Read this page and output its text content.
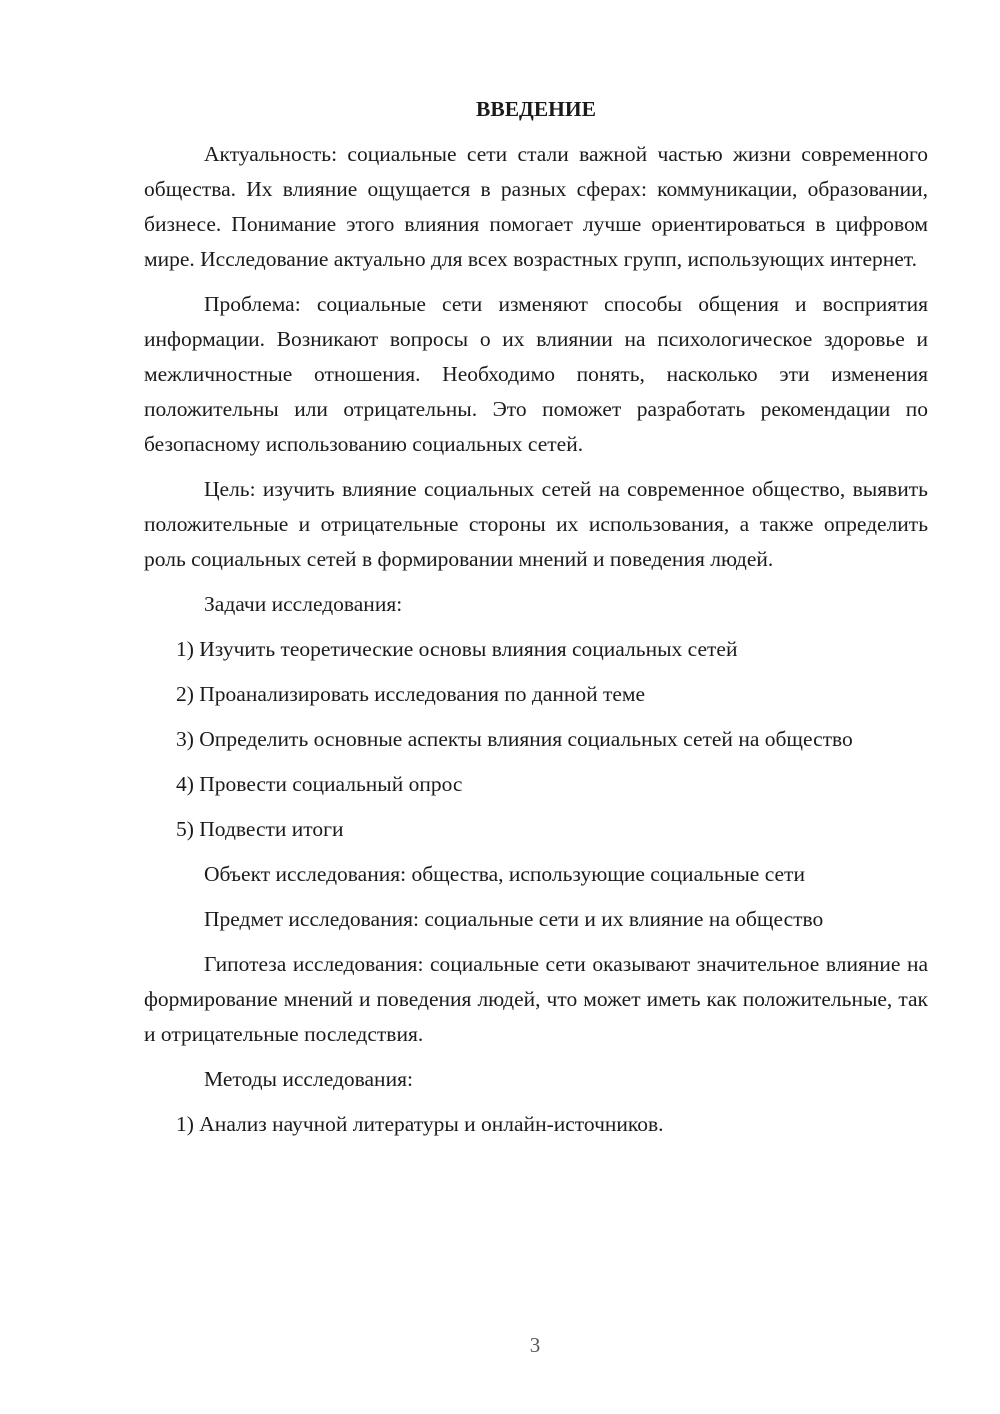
ВВЕДЕНИЕ

Актуальность: социальные сети стали важной частью жизни современного общества. Их влияние ощущается в разных сферах: коммуникации, образовании, бизнесе. Понимание этого влияния помогает лучше ориентироваться в цифровом мире. Исследование актуально для всех возрастных групп, использующих интернет.

Проблема: социальные сети изменяют способы общения и восприятия информации. Возникают вопросы о их влиянии на психологическое здоровье и межличностные отношения. Необходимо понять, насколько эти изменения положительны или отрицательны. Это поможет разработать рекомендации по безопасному использованию социальных сетей.

Цель: изучить влияние социальных сетей на современное общество, выявить положительные и отрицательные стороны их использования, а также определить роль социальных сетей в формировании мнений и поведения людей.

Задачи исследования:

1) Изучить теоретические основы влияния социальных сетей

2) Проанализировать исследования по данной теме

3) Определить основные аспекты влияния социальных сетей на общество

4) Провести социальный опрос

5) Подвести итоги

Объект исследования: общества, использующие социальные сети

Предмет исследования: социальные сети и их влияние на общество

Гипотеза исследования: социальные сети оказывают значительное влияние на формирование мнений и поведения людей, что может иметь как положительные, так и отрицательные последствия.

Методы исследования:

1) Анализ научной литературы и онлайн-источников.

3
